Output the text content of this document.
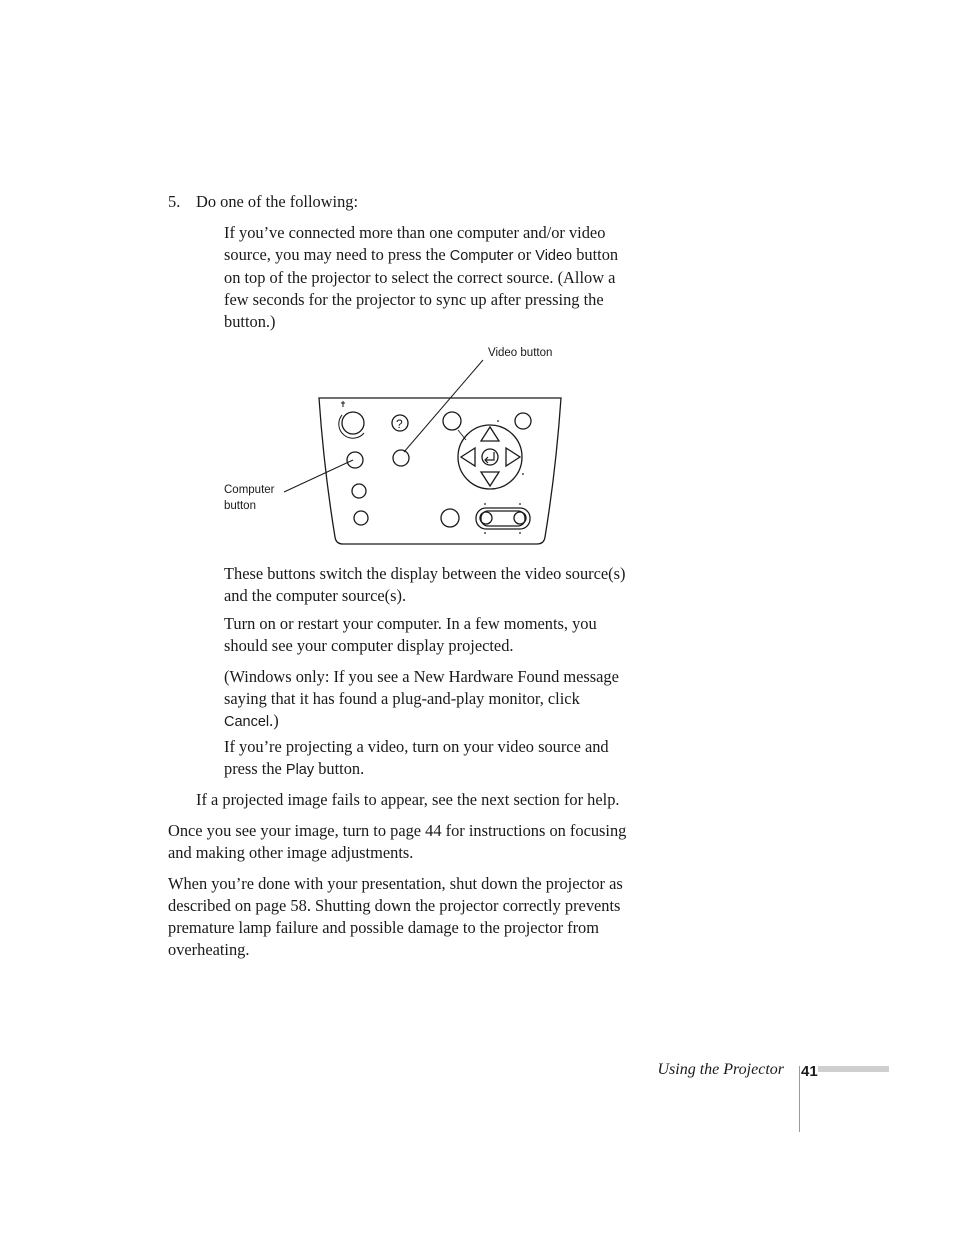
5. Do one of the following:

If you’ve connected more than one computer and/or video source, you may need to press the Computer or Video button on top of the projector to select the correct source. (Allow a few seconds for the projector to sync up after pressing the button.)

Video button
Computer
button
?

These buttons switch the display between the video source(s) and the computer source(s).

Turn on or restart your computer. In a few moments, you should see your computer display projected.

(Windows only: If you see a New Hardware Found message saying that it has found a plug-and-play monitor, click Cancel.)

If you’re projecting a video, turn on your video source and press the Play button.

If a projected image fails to appear, see the next section for help.

Once you see your image, turn to page 44 for instructions on focusing and making other image adjustments.

When you’re done with your presentation, shut down the projector as described on page 58. Shutting down the projector correctly prevents premature lamp failure and possible damage to the projector from overheating.

Using the Projector 41
